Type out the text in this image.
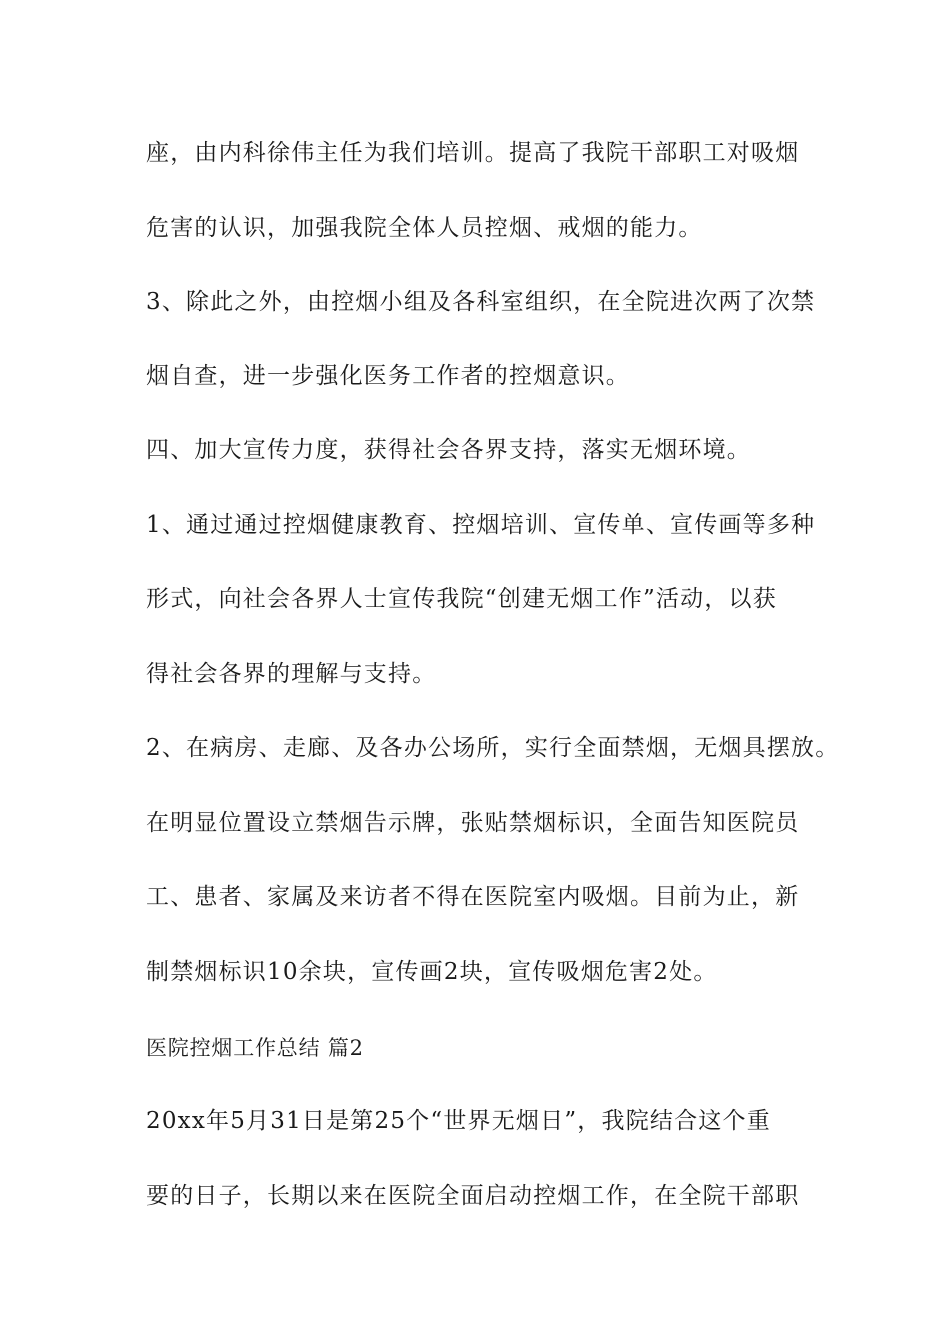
座，由内科徐伟主任为我们培训。提高了我院干部职工对吸烟
危害的认识，加强我院全体人员控烟、戒烟的能力。
3、除此之外，由控烟小组及各科室组织，在全院进次两了次禁
烟自查，进一步强化医务工作者的控烟意识。
四、加大宣传力度，获得社会各界支持，落实无烟环境。
1、通过通过控烟健康教育、控烟培训、宣传单、宣传画等多种
形式，向社会各界人士宣传我院“创建无烟工作”活动，以获
得社会各界的理解与支持。
2、在病房、走廊、及各办公场所，实行全面禁烟，无烟具摆放。
在明显位置设立禁烟告示牌，张贴禁烟标识，全面告知医院员
工、患者、家属及来访者不得在医院室内吸烟。目前为止，新
制禁烟标识10余块，宣传画2块，宣传吸烟危害2处。
医院控烟工作总结 篇2
20xx年5月31日是第25个“世界无烟日”，我院结合这个重
要的日子，长期以来在医院全面启动控烟工作，在全院干部职
